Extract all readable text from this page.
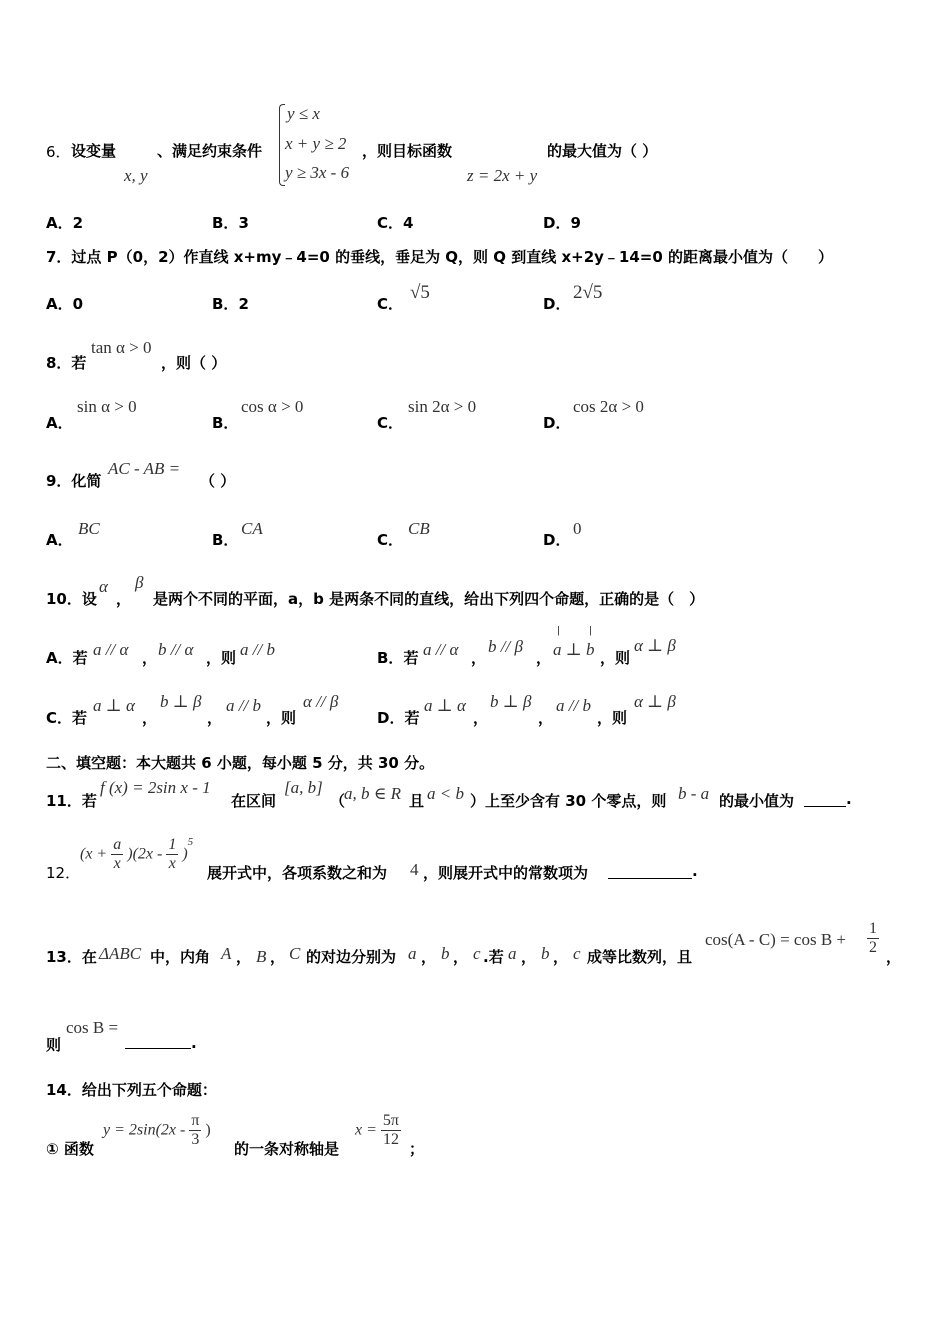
6． 设变量
x, y
、满足约束条件
y ≤ x
x + y ≥ 2
y ≥ 3x - 6
，则目标函数
z = 2x + y
的最大值为（ ）
A．2	B．3	C．4	D．9
7．过点 P（0，2）作直线 x+my﹣4=0 的垂线，垂足为 Q，则 Q 到直线 x+2y﹣14=0 的距离最小值为（　　）
A．0	B．2	C．
√5
D．
2√5
8．若
tan α > 0
，则（ ）
A．
sin α > 0
B．
cos α > 0
C．
sin 2α > 0
D．
cos 2α > 0
9．化简
AC - AB =
（ ）
A．
BC
B．
CA
C．
CB
D．
0
10．设
α
，
β
是两个不同的平面，a，b 是两条不同的直线，给出下列四个命题，正确的是（　）
A．若 a // α ， b // α ，则 a // b	B．若 a // α ，
b // β
， a ⊥ b
|	|
，则
α ⊥ β
C．若
a ⊥ α
，
b ⊥ β
，
a // b
，则
α // β
D．若
a ⊥ α
，
b ⊥ β
，
a // b
，则
α ⊥ β
二、填空题：本大题共 6 小题，每小题 5 分，共 30 分。
11．若
f (x) = 2sin x - 1
在区间
[a, b]
（
a, b ∈ R 且 a < b ）上至少含有 30 个零点，则 b - a 的最小值为	.
12．
$(x + \frac{a}{x} )(2x - \frac{1}{x} )^5$
展开式中，各项系数之和为 4 ，则展开式中的常数项为	.
13．在 ΔABC 中，内角 A ， B ， C 的对边分别为 a ， b ， c .若 a ， b ， c 成等比数列，且
$\cos(A - C) = \cos B + \frac{1}{2}$ ，
则
cos B =
.
14．给出下列五个命题：
① 函数
$y = 2\sin(2x - \frac{\pi}{3}$ )
的一条对称轴是
$x = \frac{5\pi}{12}$ ；
